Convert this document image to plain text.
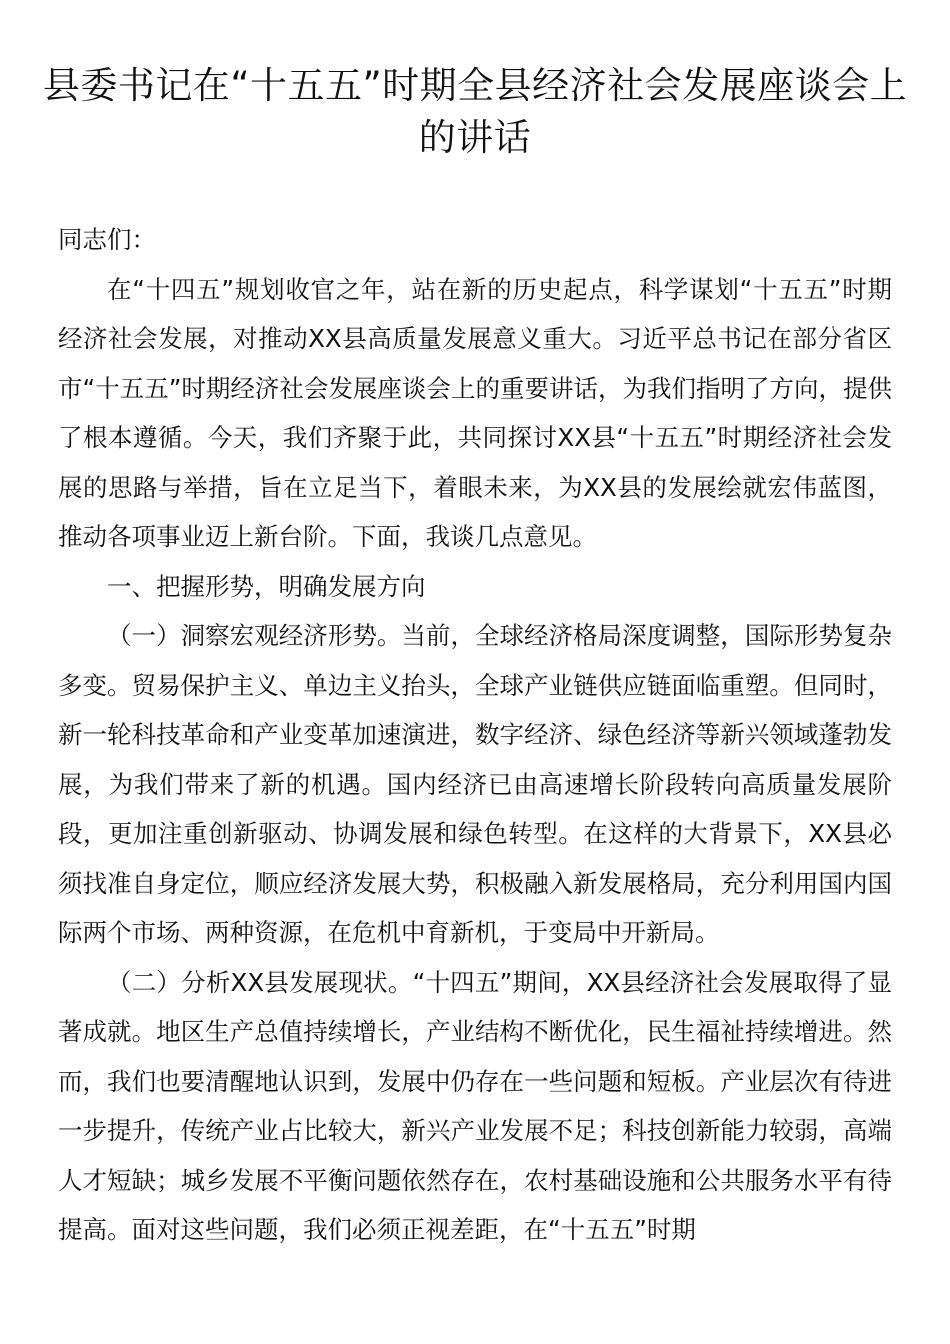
县委书记在“十五五”时期全县经济社会发展座谈会上的讲话

同志们：

在“十四五”规划收官之年，站在新的历史起点，科学谋划“十五五”时期经济社会发展，对推动XX县高质量发展意义重大。习近平总书记在部分省区市“十五五”时期经济社会发展座谈会上的重要讲话，为我们指明了方向，提供了根本遵循。今天，我们齐聚于此，共同探讨XX县“十五五”时期经济社会发展的思路与举措，旨在立足当下，着眼未来，为XX县的发展绘就宏伟蓝图，推动各项事业迈上新台阶。下面，我谈几点意见。

一、把握形势，明确发展方向

（一）洞察宏观经济形势。当前，全球经济格局深度调整，国际形势复杂多变。贸易保护主义、单边主义抬头，全球产业链供应链面临重塑。但同时，新一轮科技革命和产业变革加速演进，数字经济、绿色经济等新兴领域蓬勃发展，为我们带来了新的机遇。国内经济已由高速增长阶段转向高质量发展阶段，更加注重创新驱动、协调发展和绿色转型。在这样的大背景下，XX县必须找准自身定位，顺应经济发展大势，积极融入新发展格局，充分利用国内国际两个市场、两种资源，在危机中育新机，于变局中开新局。

（二）分析XX县发展现状。“十四五”期间，XX县经济社会发展取得了显著成就。地区生产总值持续增长，产业结构不断优化，民生福祉持续增进。然而，我们也要清醒地认识到，发展中仍存在一些问题和短板。产业层次有待进一步提升，传统产业占比较大，新兴产业发展不足；科技创新能力较弱，高端人才短缺；城乡发展不平衡问题依然存在，农村基础设施和公共服务水平有待提高。面对这些问题，我们必须正视差距，在“十五五”时期
